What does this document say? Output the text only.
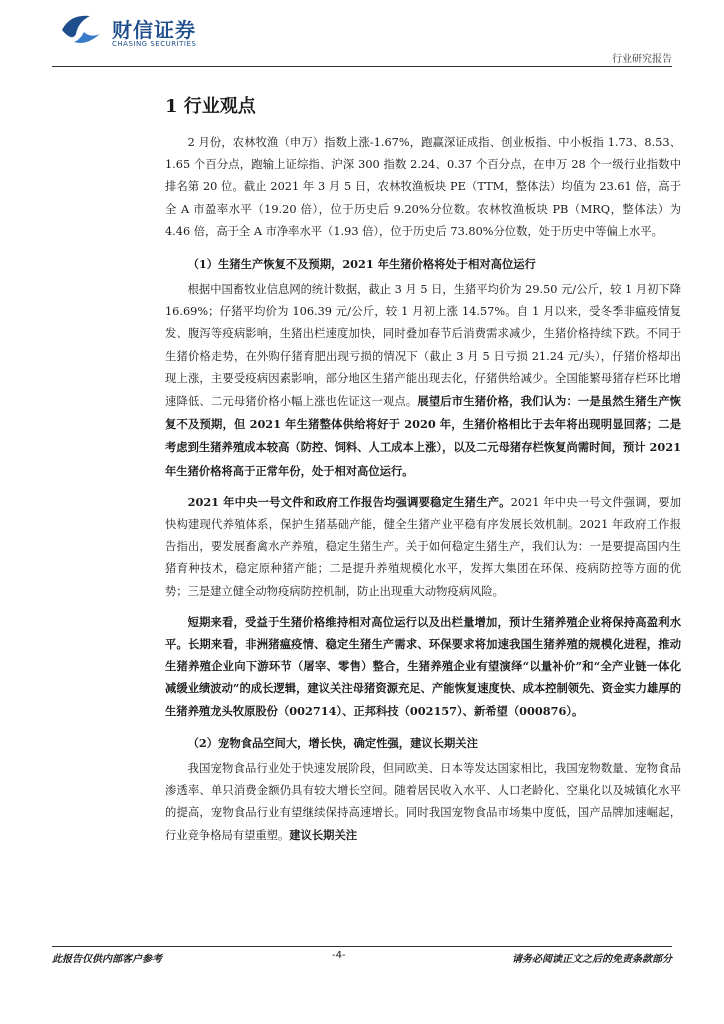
财信证券
CHASING SECURITIES
行业研究报告
1 行业观点

2 月份，农林牧渔（申万）指数上涨-1.67%，跑赢深证成指、创业板指、中小板指 1.73、8.53、1.65 个百分点，跑输上证综指、沪深 300 指数 2.24、0.37 个百分点，在申万 28 个一级行业指数中排名第 20 位。截止 2021 年 3 月 5 日，农林牧渔板块 PE（TTM，整体法）均值为 23.61 倍，高于全 A 市盈率水平（19.20 倍），位于历史后 9.20%分位数。农林牧渔板块 PB（MRQ，整体法）为 4.46 倍，高于全 A 市净率水平（1.93 倍），位于历史后 73.80%分位数，处于历史中等偏上水平。

（1）生猪生产恢复不及预期，2021 年生猪价格将处于相对高位运行

根据中国畜牧业信息网的统计数据，截止 3 月 5 日，生猪平均价为 29.50 元/公斤，较 1 月初下降 16.69%；仔猪平均价为 106.39 元/公斤，较 1 月初上涨 14.57%。自 1 月以来，受冬季非瘟疫情复发、腹泻等疫病影响，生猪出栏速度加快，同时叠加春节后消费需求减少，生猪价格持续下跌。不同于生猪价格走势，在外购仔猪育肥出现亏损的情况下（截止 3 月 5 日亏损 21.24 元/头），仔猪价格却出现上涨，主要受疫病因素影响，部分地区生猪产能出现去化，仔猪供给减少。全国能繁母猪存栏环比增速降低、二元母猪价格小幅上涨也佐证这一观点。展望后市生猪价格，我们认为：一是虽然生猪生产恢复不及预期，但 2021 年生猪整体供给将好于 2020 年，生猪价格相比于去年将出现明显回落；二是考虑到生猪养殖成本较高（防控、饲料、人工成本上涨），以及二元母猪存栏恢复尚需时间，预计 2021 年生猪价格将高于正常年份，处于相对高位运行。

2021 年中央一号文件和政府工作报告均强调要稳定生猪生产。2021 年中央一号文件强调，要加快构建现代养殖体系，保护生猪基础产能，健全生猪产业平稳有序发展长效机制。2021 年政府工作报告指出，要发展畜禽水产养殖，稳定生猪生产。关于如何稳定生猪生产，我们认为：一是要提高国内生猪育种技术，稳定原种猪产能；二是提升养殖规模化水平，发挥大集团在环保、疫病防控等方面的优势；三是建立健全动物疫病防控机制，防止出现重大动物疫病风险。

短期来看，受益于生猪价格维持相对高位运行以及出栏量增加，预计生猪养殖企业将保持高盈利水平。长期来看，非洲猪瘟疫情、稳定生猪生产需求、环保要求将加速我国生猪养殖的规模化进程，推动生猪养殖企业向下游环节（屠宰、零售）整合，生猪养殖企业有望演绎“以量补价”和“全产业链一体化减缓业绩波动”的成长逻辑，建议关注母猪资源充足、产能恢复速度快、成本控制领先、资金实力雄厚的生猪养殖龙头牧原股份（002714）、正邦科技（002157）、新希望（000876）。

（2）宠物食品空间大，增长快，确定性强，建议长期关注

我国宠物食品行业处于快速发展阶段，但同欧美、日本等发达国家相比，我国宠物数量、宠物食品渗透率、单只消费金额仍具有较大增长空间。随着居民收入水平、人口老龄化、空巢化以及城镇化水平的提高，宠物食品行业有望继续保持高速增长。同时我国宠物食品市场集中度低，国产品牌加速崛起，行业竞争格局有望重塑。建议长期关注

此报告仅供内部客户参考	-4-	请务必阅读正文之后的免责条款部分
